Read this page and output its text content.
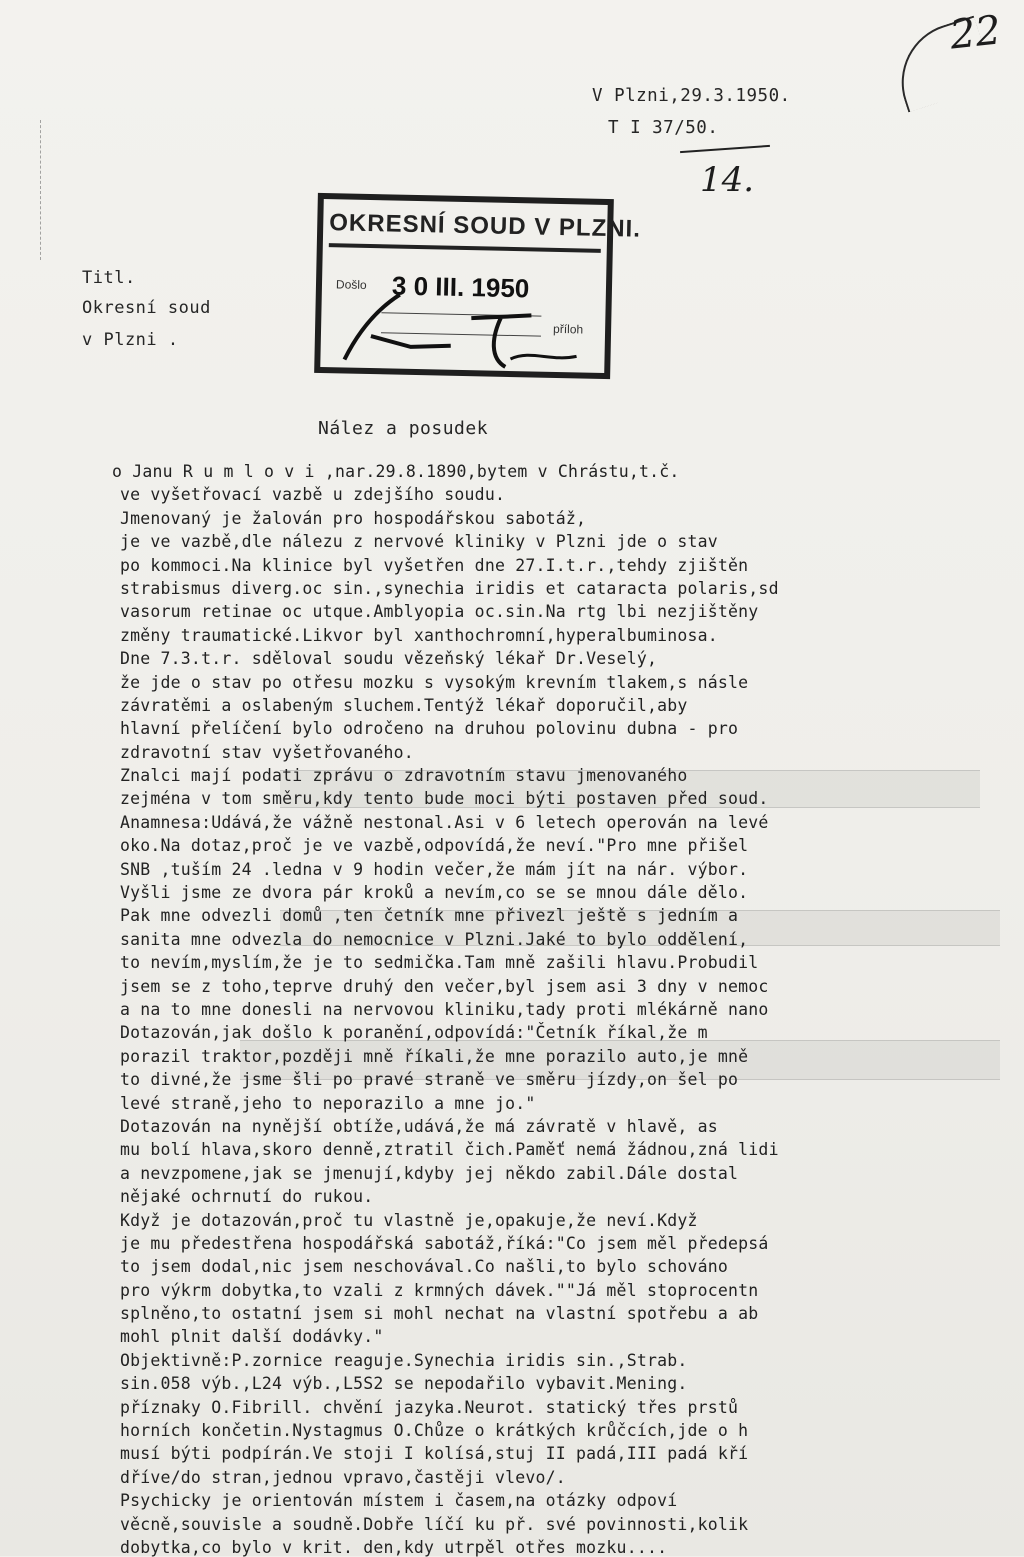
22
V Plzni,29.3.1950.
T I 37/50.
14.
Titl.
Okresní soud
v Plzni .
OKRESNÍ SOUD V PLZNI.
Došlo 3 0 III. 1950
příloh
Nález a posudek
o Janu R u m l o v i ,nar.29.8.1890,bytem v Chrástu,t.č.
ve vyšetřovací vazbě u zdejšího soudu.
Jmenovaný je žalován pro hospodářskou sabotáž,
je ve vazbě,dle nálezu z nervové kliniky v Plzni jde o stav
po kommoci.Na klinice byl vyšetřen dne 27.I.t.r.,tehdy zjištěn
strabismus diverg.oc sin.,synechia iridis et cataracta polaris,sd
vasorum retinae oc utque.Amblyopia oc.sin.Na rtg lbi nezjištěny
změny traumatické.Likvor byl xanthochromní,hyperalbuminosa.
Dne 7.3.t.r. sděloval soudu vězeňský lékař Dr.Veselý,
že jde o stav po otřesu mozku s vysokým krevním tlakem,s násle
závratěmi a oslabeným sluchem.Tentýž lékař doporučil,aby
hlavní přelíčení bylo odročeno na druhou polovinu dubna - pro
zdravotní stav vyšetřovaného.
Znalci mají podati zprávu o zdravotním stavu jmenovaného
zejména v tom směru,kdy tento bude moci býti postaven před soud.
Anamnesa:Udává,že vážně nestonal.Asi v 6 letech operován na levé
oko.Na dotaz,proč je ve vazbě,odpovídá,že neví."Pro mne přišel
SNB ,tuším 24 .ledna v 9 hodin večer,že mám jít na nár. výbor.
Vyšli jsme ze dvora pár kroků a nevím,co se se mnou dále dělo.
Pak mne odvezli domů ,ten četník mne přivezl ještě s jedním a
sanita mne odvezla do nemocnice v Plzni.Jaké to bylo oddělení,
to nevím,myslím,že je to sedmička.Tam mně zašili hlavu.Probudil
jsem se z toho,teprve druhý den večer,byl jsem asi 3 dny v nemoc
a na to mne donesli na nervovou kliniku,tady proti mlékárně nano
Dotazován,jak došlo k poranění,odpovídá:"Četník říkal,že m
porazil traktor,později mně říkali,že mne porazilo auto,je mně
to divné,že jsme šli po pravé straně ve směru jízdy,on šel po
levé straně,jeho to neporazilo a mne jo."
Dotazován na nynější obtíže,udává,že má závratě v hlavě, as
mu bolí hlava,skoro denně,ztratil čich.Paměť nemá žádnou,zná lidi
a nevzpomene,jak se jmenují,kdyby jej někdo zabil.Dále dostal
nějaké ochrnutí do rukou.
Když je dotazován,proč tu vlastně je,opakuje,že neví.Když
je mu předestřena hospodářská sabotáž,říká:"Co jsem měl předepsá
to jsem dodal,nic jsem neschovával.Co našli,to bylo schováno
pro výkrm dobytka,to vzali z krmných dávek.""Já měl stoprocentn
splněno,to ostatní jsem si mohl nechat na vlastní spotřebu a ab
mohl plnit další dodávky."
Objektivně:P.zornice reaguje.Synechia iridis sin.,Strab.
sin.058 výb.,L24 výb.,L5S2 se nepodařilo vybavit.Mening.
příznaky O.Fibrill. chvění jazyka.Neurot. statický třes prstů
horních končetin.Nystagmus O.Chůze o krátkých krůčcích,jde o h
musí býti podpírán.Ve stoji I kolísá,stuj II padá,III padá kří
dříve/do stran,jednou vpravo,častěji vlevo/.
Psychicky je orientován místem i časem,na otázky odpoví
věcně,souvisle a soudně.Dobře líčí ku př. své povinnosti,kolik
dobytka,co bylo v krit. den,kdy utrpěl otřes mozku....
